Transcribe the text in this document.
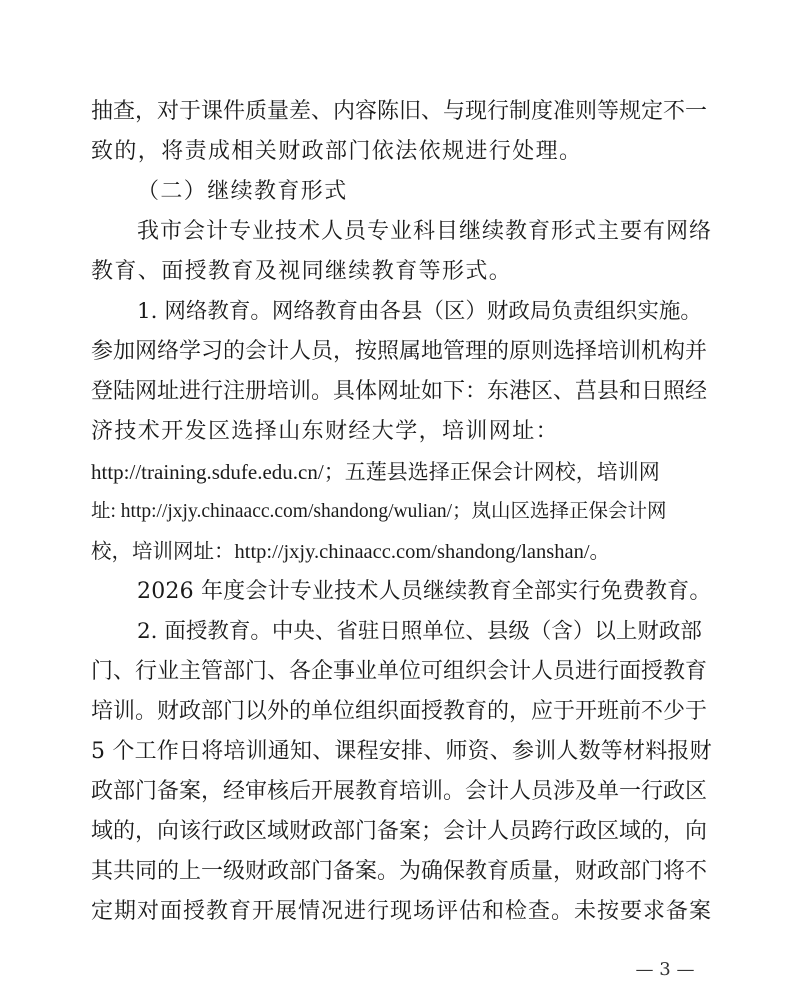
抽查，对于课件质量差、内容陈旧、与现行制度准则等规定不一
致的，将责成相关财政部门依法依规进行处理。
（二）继续教育形式
我市会计专业技术人员专业科目继续教育形式主要有网络
教育、面授教育及视同继续教育等形式。
1. 网络教育。网络教育由各县（区）财政局负责组织实施。
参加网络学习的会计人员，按照属地管理的原则选择培训机构并
登陆网址进行注册培训。具体网址如下：东港区、莒县和日照经
济技术开发区选择山东财经大学，培训网址：
http://training.sdufe.edu.cn/；五莲县选择正保会计网校，培训网
址: http://jxjy.chinaacc.com/shandong/wulian/；岚山区选择正保会计网
校，培训网址：http://jxjy.chinaacc.com/shandong/lanshan/。
2026 年度会计专业技术人员继续教育全部实行免费教育。
2. 面授教育。中央、省驻日照单位、县级（含）以上财政部
门、行业主管部门、各企事业单位可组织会计人员进行面授教育
培训。财政部门以外的单位组织面授教育的，应于开班前不少于
5 个工作日将培训通知、课程安排、师资、参训人数等材料报财
政部门备案，经审核后开展教育培训。会计人员涉及单一行政区
域的，向该行政区域财政部门备案；会计人员跨行政区域的，向
其共同的上一级财政部门备案。为确保教育质量，财政部门将不
定期对面授教育开展情况进行现场评估和检查。未按要求备案
— 3 —
